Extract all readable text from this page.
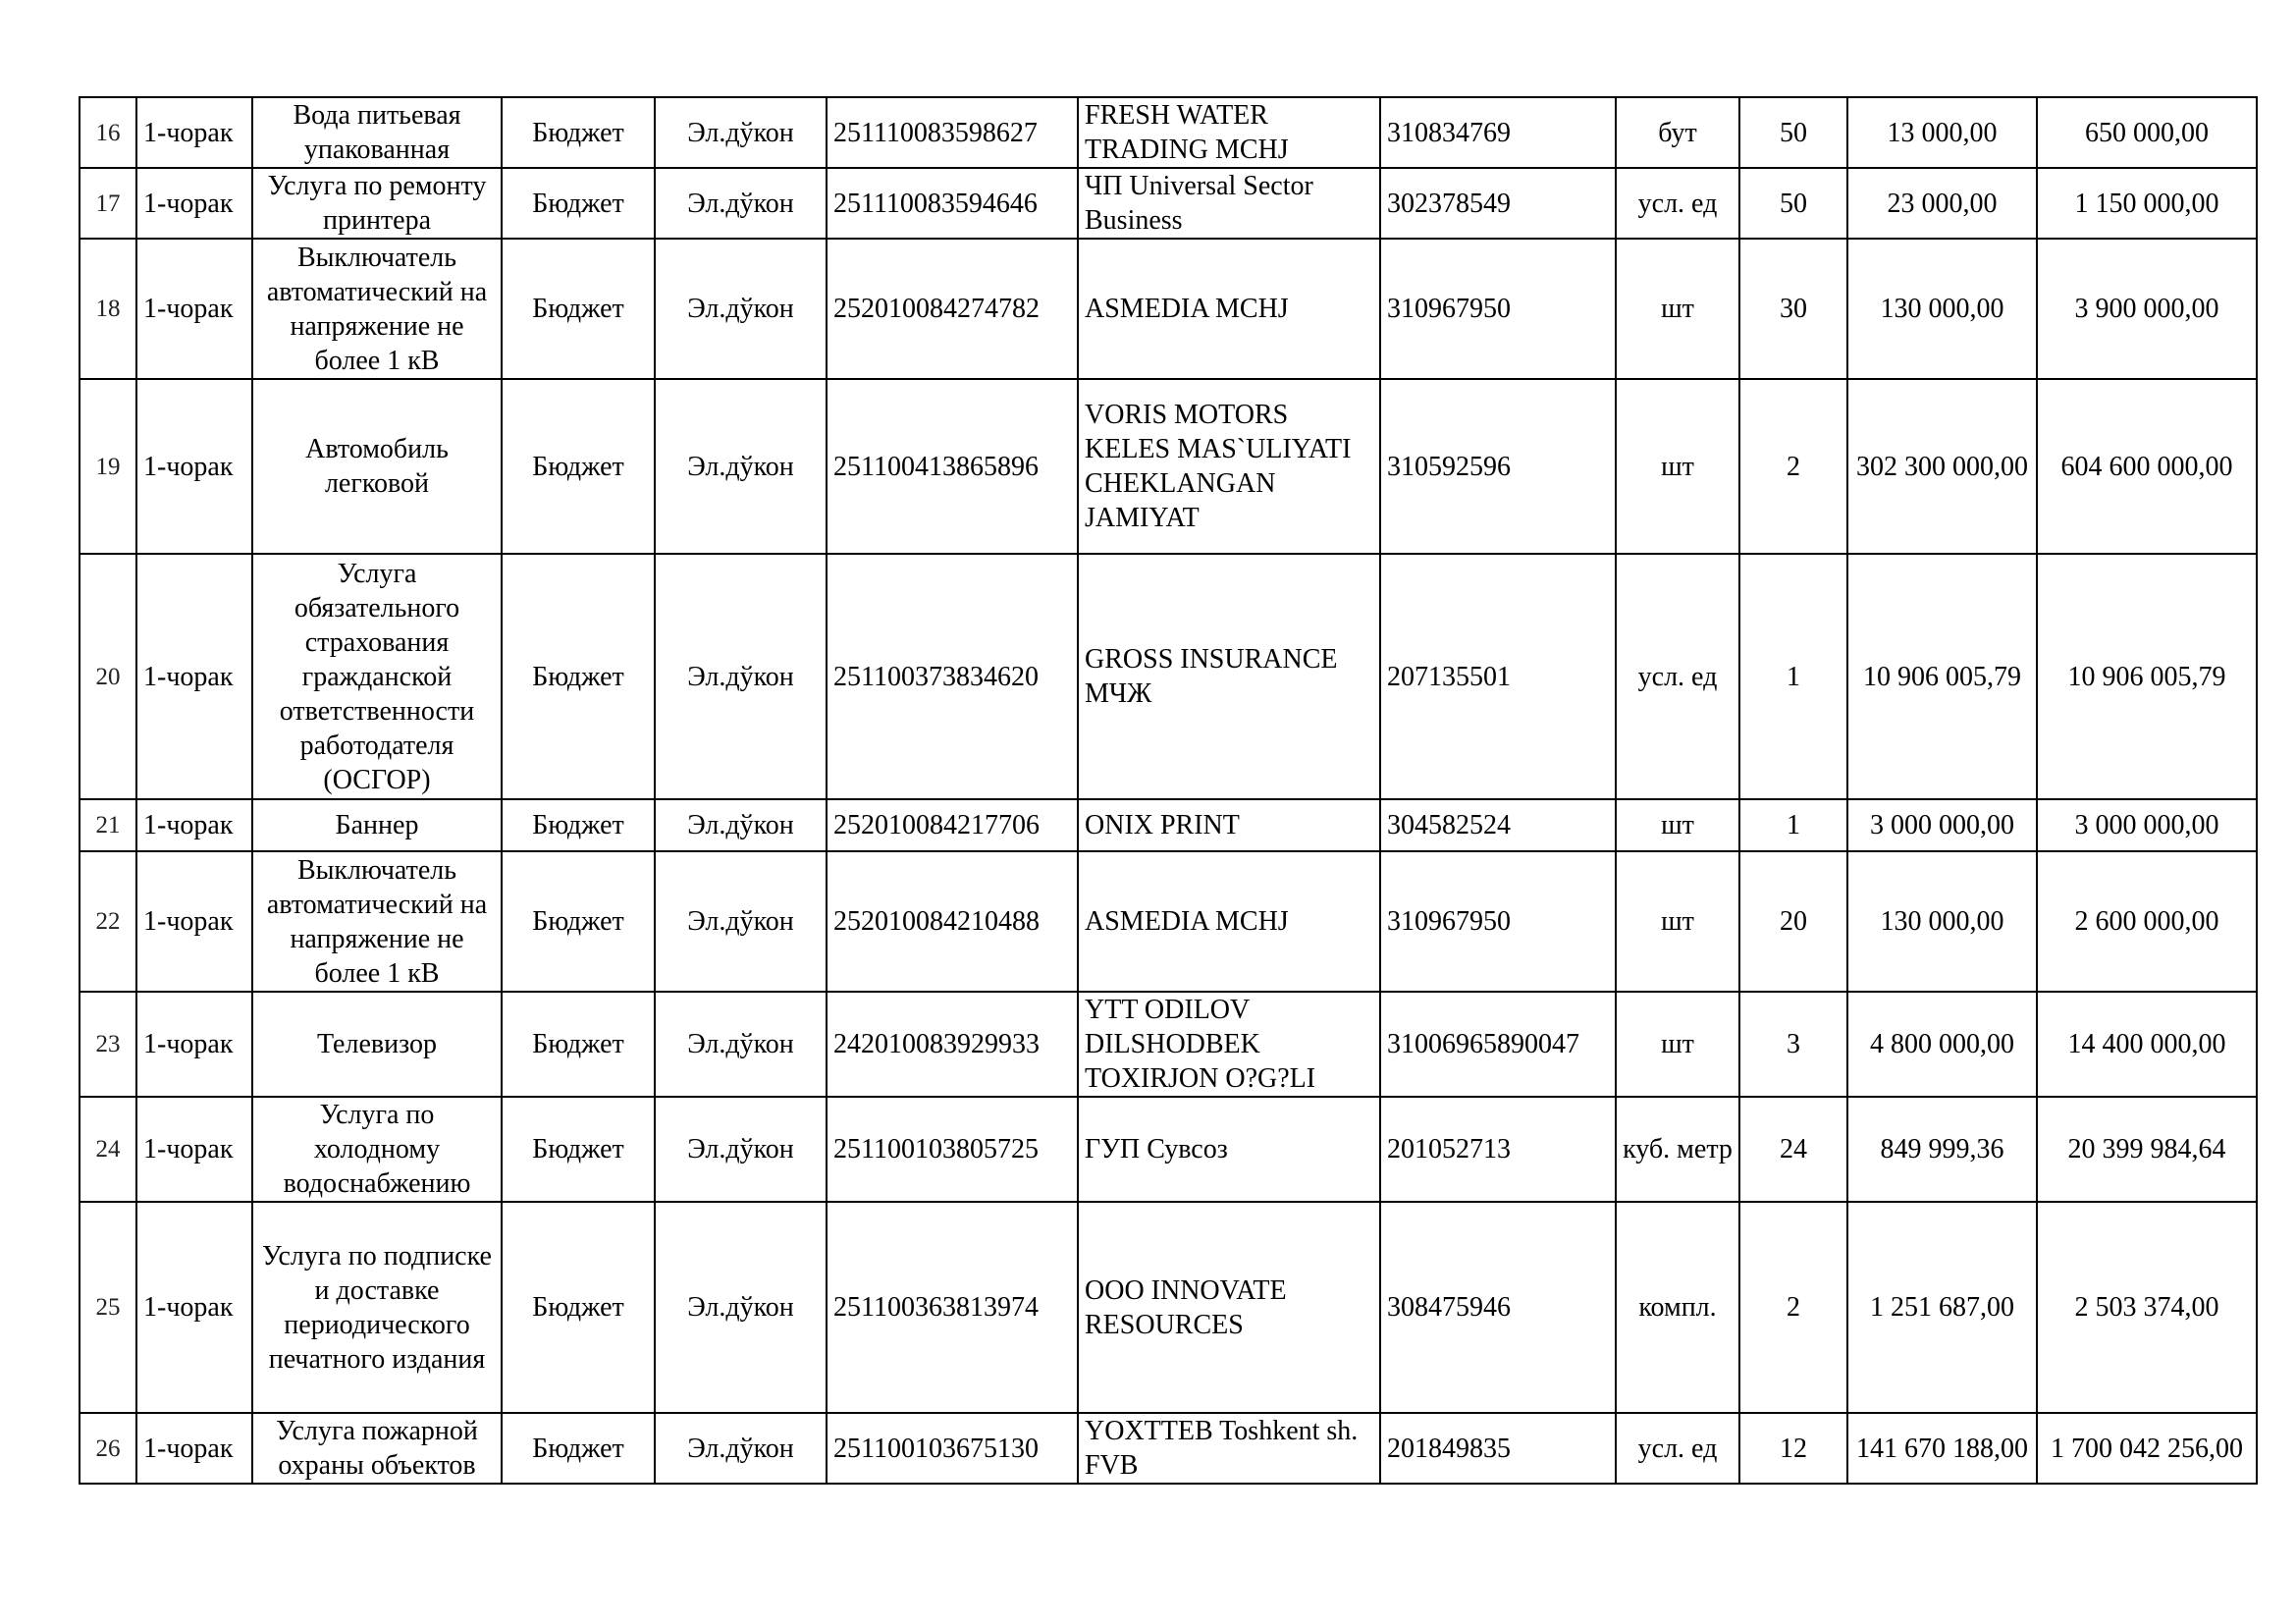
16	1-чорак	Вода питьевая упакованная	Бюджет	Эл.дўкон	251110083598627	FRESH WATER TRADING MCHJ	310834769	бут	50	13 000,00	650 000,00
17	1-чорак	Услуга по ремонту принтера	Бюджет	Эл.дўкон	251110083594646	ЧП Universal Sector Business	302378549	усл. ед	50	23 000,00	1 150 000,00
18	1-чорак	Выключатель автоматический на напряжение не более 1 кВ	Бюджет	Эл.дўкон	252010084274782	ASMEDIA MCHJ	310967950	шт	30	130 000,00	3 900 000,00
19	1-чорак	Автомобиль легковой	Бюджет	Эл.дўкон	251100413865896	VORIS MOTORS KELES MAS`ULIYATI CHEKLANGAN JAMIYAT	310592596	шт	2	302 300 000,00	604 600 000,00
20	1-чорак	Услуга обязательного страхования гражданской ответственности работодателя (ОСГОР)	Бюджет	Эл.дўкон	251100373834620	GROSS INSURANCE МЧЖ	207135501	усл. ед	1	10 906 005,79	10 906 005,79
21	1-чорак	Баннер	Бюджет	Эл.дўкон	252010084217706	ONIX PRINT	304582524	шт	1	3 000 000,00	3 000 000,00
22	1-чорак	Выключатель автоматический на напряжение не более 1 кВ	Бюджет	Эл.дўкон	252010084210488	ASMEDIA MCHJ	310967950	шт	20	130 000,00	2 600 000,00
23	1-чорак	Телевизор	Бюджет	Эл.дўкон	242010083929933	YTT ODILOV DILSHODBEK TOXIRJON O?G?LI	31006965890047	шт	3	4 800 000,00	14 400 000,00
24	1-чорак	Услуга по холодному водоснабжению	Бюджет	Эл.дўкон	251100103805725	ГУП Сувсоз	201052713	куб. метр	24	849 999,36	20 399 984,64
25	1-чорак	Услуга по подписке и доставке периодического печатного издания	Бюджет	Эл.дўкон	251100363813974	OOO INNOVATE RESOURCES	308475946	компл.	2	1 251 687,00	2 503 374,00
26	1-чорак	Услуга пожарной охраны объектов	Бюджет	Эл.дўкон	251100103675130	YOXTTEB Toshkent sh. FVB	201849835	усл. ед	12	141 670 188,00	1 700 042 256,00
